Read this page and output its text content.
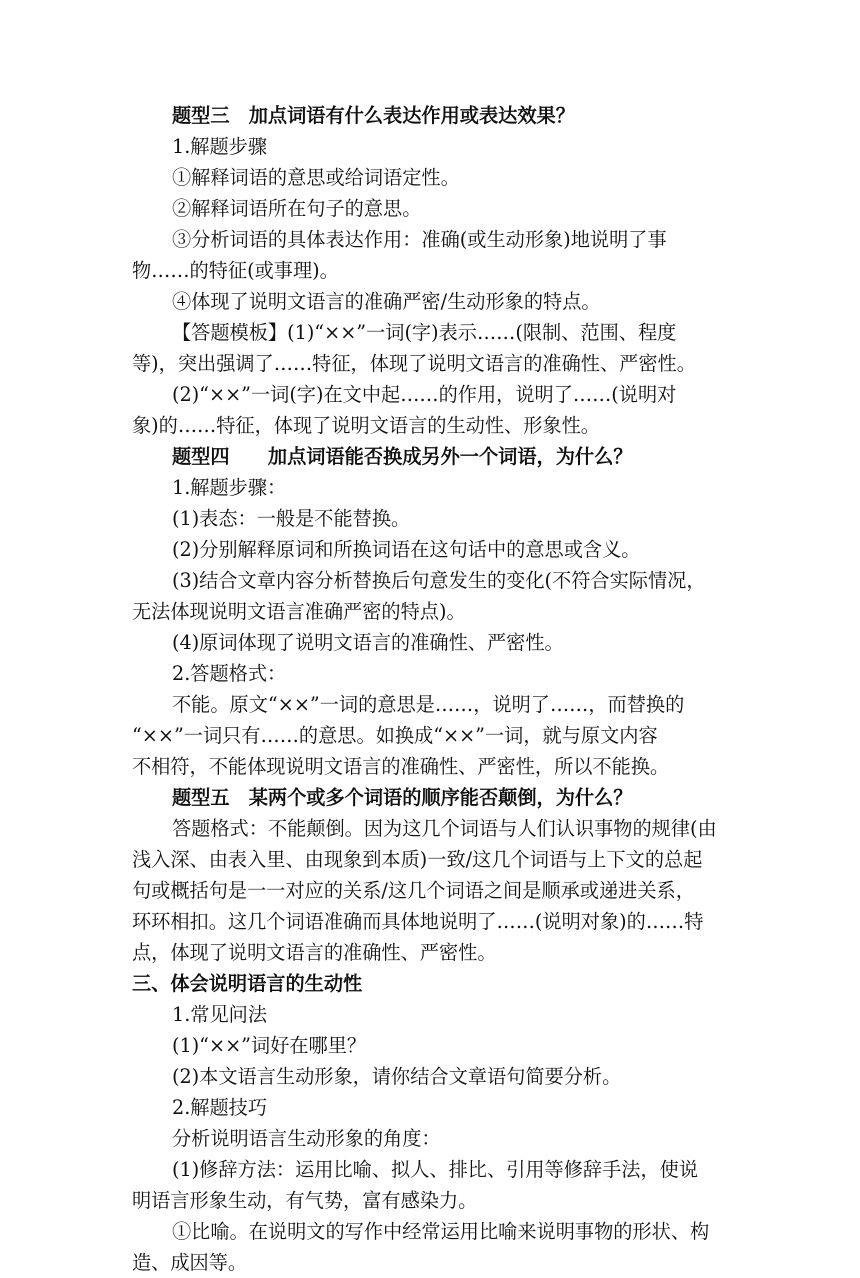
题型三　加点词语有什么表达作用或表达效果？
1.解题步骤
①解释词语的意思或给词语定性。
②解释词语所在句子的意思。
③分析词语的具体表达作用：准确(或生动形象)地说明了事
物……的特征(或事理)。
④体现了说明文语言的准确严密/生动形象的特点。
【答题模板】(1)“××”一词(字)表示……(限制、范围、程度
等)，突出强调了……特征，体现了说明文语言的准确性、严密性。
(2)“××”一词(字)在文中起……的作用，说明了……(说明对
象)的……特征，体现了说明文语言的生动性、形象性。
题型四　　加点词语能否换成另外一个词语，为什么？
1.解题步骤：
(1)表态：一般是不能替换。
(2)分别解释原词和所换词语在这句话中的意思或含义。
(3)结合文章内容分析替换后句意发生的变化(不符合实际情况，
无法体现说明文语言准确严密的特点)。
(4)原词体现了说明文语言的准确性、严密性。
2.答题格式：
不能。原文“××”一词的意思是……，说明了……，而替换的
“××”一词只有……的意思。如换成“××”一词，就与原文内容
不相符，不能体现说明文语言的准确性、严密性，所以不能换。
题型五　某两个或多个词语的顺序能否颠倒，为什么？
答题格式：不能颠倒。因为这几个词语与人们认识事物的规律(由
浅入深、由表入里、由现象到本质)一致/这几个词语与上下文的总起
句或概括句是一一对应的关系/这几个词语之间是顺承或递进关系，
环环相扣。这几个词语准确而具体地说明了……(说明对象)的……特
点，体现了说明文语言的准确性、严密性。
三、体会说明语言的生动性
1.常见问法
(1)“××”词好在哪里？
(2)本文语言生动形象，请你结合文章语句简要分析。
2.解题技巧
分析说明语言生动形象的角度：
(1)修辞方法：运用比喻、拟人、排比、引用等修辞手法，使说
明语言形象生动，有气势，富有感染力。
①比喻。在说明文的写作中经常运用比喻来说明事物的形状、构
造、成因等。
